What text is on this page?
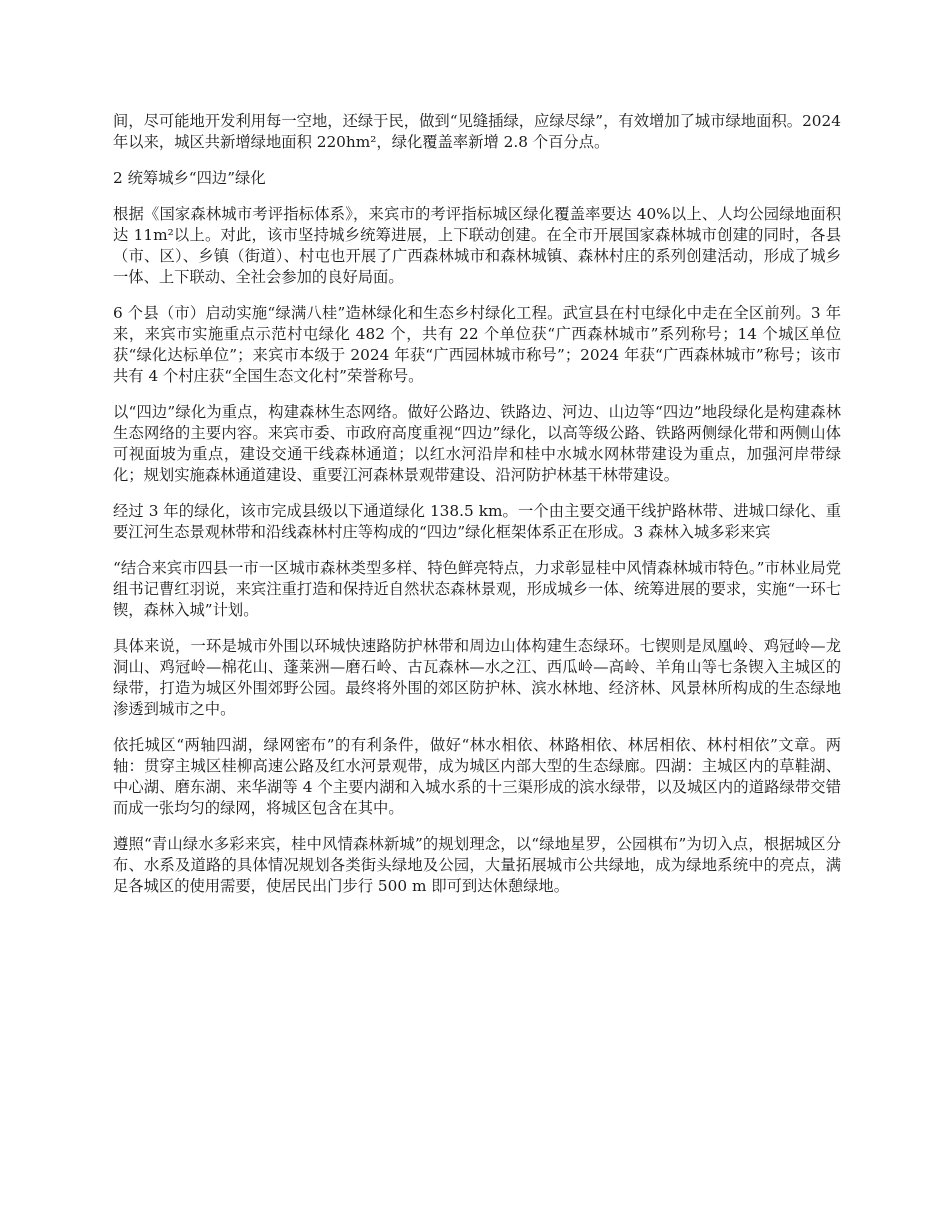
间，尽可能地开发利用每一空地，还绿于民，做到“见缝插绿，应绿尽绿”，有效增加了城市绿地面积。2024 年以来，城区共新增绿地面积 220hm²，绿化覆盖率新增 2.8 个百分点。

2 统筹城乡“四边”绿化

根据《国家森林城市考评指标体系》，来宾市的考评指标城区绿化覆盖率要达 40%以上、人均公园绿地面积达 11m²以上。对此，该市坚持城乡统筹进展，上下联动创建。在全市开展国家森林城市创建的同时，各县（市、区）、乡镇（街道）、村屯也开展了广西森林城市和森林城镇、森林村庄的系列创建活动，形成了城乡一体、上下联动、全社会参加的良好局面。

6 个县（市）启动实施“绿满八桂”造林绿化和生态乡村绿化工程。武宣县在村屯绿化中走在全区前列。3 年来，来宾市实施重点示范村屯绿化 482 个，共有 22 个单位获“广西森林城市”系列称号；14 个城区单位获“绿化达标单位”；来宾市本级于 2024 年获“广西园林城市称号”；2024 年获“广西森林城市”称号；该市共有 4 个村庄获“全国生态文化村”荣誉称号。

以“四边”绿化为重点，构建森林生态网络。做好公路边、铁路边、河边、山边等“四边”地段绿化是构建森林生态网络的主要内容。来宾市委、市政府高度重视“四边”绿化，以高等级公路、铁路两侧绿化带和两侧山体可视面坡为重点，建设交通干线森林通道；以红水河沿岸和桂中水城水网林带建设为重点，加强河岸带绿化；规划实施森林通道建设、重要江河森林景观带建设、沿河防护林基干林带建设。

经过 3 年的绿化，该市完成县级以下通道绿化 138.5 km。一个由主要交通干线护路林带、进城口绿化、重要江河生态景观林带和沿线森林村庄等构成的“四边”绿化框架体系正在形成。3 森林入城多彩来宾

“结合来宾市四县一市一区城市森林类型多样、特色鲜亮特点，力求彰显桂中风情森林城市特色。”市林业局党组书记曹红羽说，来宾注重打造和保持近自然状态森林景观，形成城乡一体、统筹进展的要求，实施“一环七锲，森林入城”计划。

具体来说，一环是城市外围以环城快速路防护林带和周边山体构建生态绿环。七锲则是凤凰岭、鸡冠岭—龙洞山、鸡冠岭—棉花山、蓬莱洲—磨石岭、古瓦森林—水之江、西瓜岭—高岭、羊角山等七条锲入主城区的绿带，打造为城区外围郊野公园。最终将外围的郊区防护林、滨水林地、经济林、风景林所构成的生态绿地渗透到城市之中。

依托城区“两轴四湖，绿网密布”的有利条件，做好“林水相依、林路相依、林居相依、林村相依”文章。两轴：贯穿主城区桂柳高速公路及红水河景观带，成为城区内部大型的生态绿廊。四湖：主城区内的草鞋湖、中心湖、磨东湖、来华湖等 4 个主要内湖和入城水系的十三渠形成的滨水绿带，以及城区内的道路绿带交错而成一张均匀的绿网，将城区包含在其中。

遵照“青山绿水多彩来宾，桂中风情森林新城”的规划理念，以“绿地星罗，公园棋布”为切入点，根据城区分布、水系及道路的具体情况规划各类街头绿地及公园，大量拓展城市公共绿地，成为绿地系统中的亮点，满足各城区的使用需要，使居民出门步行 500 m 即可到达休憩绿地。
